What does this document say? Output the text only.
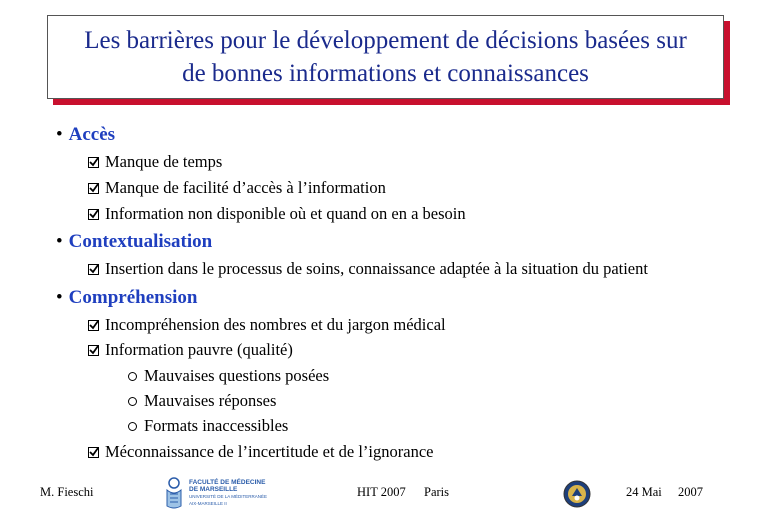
Les barrières pour le développement de décisions basées sur
de bonnes informations et connaissances
• Accès
Manque de temps
Manque de facilité d’accès à l’information
Information non disponible où et quand on en a besoin
• Contextualisation
Insertion dans le processus de soins, connaissance adaptée à la situation du patient
• Compréhension
Incompréhension des nombres et du jargon médical
Information pauvre (qualité)
Mauvaises questions posées
Mauvaises réponses
Formats inaccessibles
Méconnaissance de l’incertitude et de l’ignorance
M. Fieschi
FACULTÉ DE MÉDECINE
DE MARSEILLE
UNIVERSITÉ DE LA MÉDITERRANÉE
AIX-MARSEILLE II
HIT 2007 Paris	24 Mai 2007
